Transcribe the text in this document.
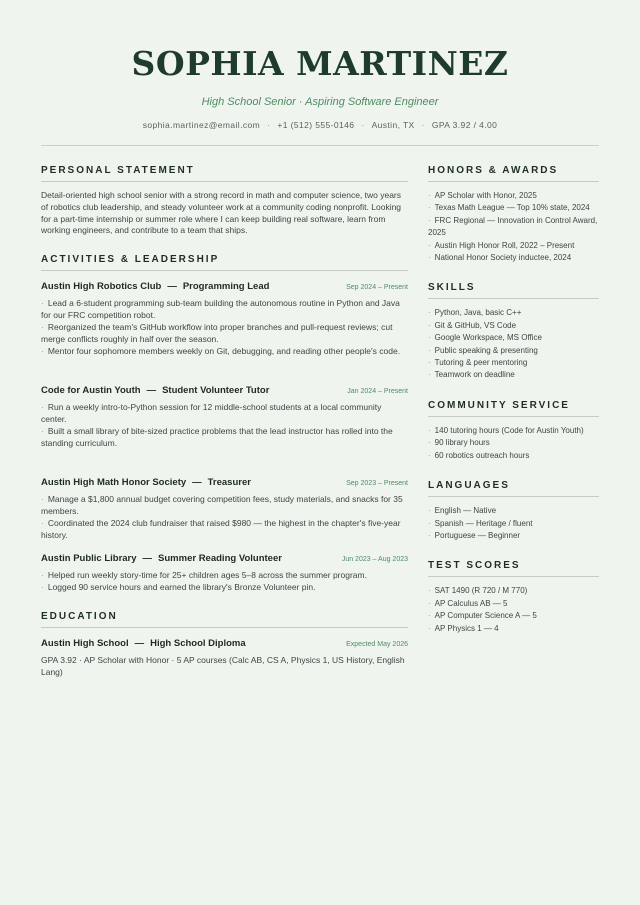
SOPHIA MARTINEZ
High School Senior · Aspiring Software Engineer
sophia.martinez@email.com · +1 (512) 555-0146 · Austin, TX · GPA 3.92 / 4.00
PERSONAL STATEMENT

Detail-oriented high school senior with a strong record in math and computer science, two years of robotics club leadership, and steady volunteer work at a community coding nonprofit. Looking for a part-time internship or summer role where I can keep building real software, learn from working engineers, and contribute to a team that ships.

ACTIVITIES & LEADERSHIP
Austin High Robotics Club — Programming Lead	Sep 2024 – Present
· Lead a 6-student programming sub-team building the autonomous routine in Python and Java for our FRC competition robot.
· Reorganized the team's GitHub workflow into proper branches and pull-request reviews; cut merge conflicts roughly in half over the season.
· Mentor four sophomore members weekly on Git, debugging, and reading other people's code.
Code for Austin Youth — Student Volunteer Tutor	Jan 2024 – Present
· Run a weekly intro-to-Python session for 12 middle-school students at a local community center.
· Built a small library of bite-sized practice problems that the lead instructor has rolled into the standing curriculum.
Austin High Math Honor Society — Treasurer	Sep 2023 – Present
· Manage a $1,800 annual budget covering competition fees, study materials, and snacks for 35 members.
· Coordinated the 2024 club fundraiser that raised $980 — the highest in the chapter's five-year history.
Austin Public Library — Summer Reading Volunteer	Jun 2023 – Aug 2023
· Helped run weekly story-time for 25+ children ages 5–8 across the summer program.
· Logged 90 service hours and earned the library's Bronze Volunteer pin.
EDUCATION
Austin High School — High School Diploma	Expected May 2026

GPA 3.92 · AP Scholar with Honor · 5 AP courses (Calc AB, CS A, Physics 1, US History, English Lang)

HONORS & AWARDS
· AP Scholar with Honor, 2025
· Texas Math League — Top 10% state, 2024
· FRC Regional — Innovation in Control Award, 2025
· Austin High Honor Roll, 2022 – Present
· National Honor Society inductee, 2024
SKILLS
· Python, Java, basic C++
· Git & GitHub, VS Code
· Google Workspace, MS Office
· Public speaking & presenting
· Tutoring & peer mentoring
· Teamwork on deadline
COMMUNITY SERVICE
· 140 tutoring hours (Code for Austin Youth)
· 90 library hours
· 60 robotics outreach hours
LANGUAGES
· English — Native
· Spanish — Heritage / fluent
· Portuguese — Beginner
TEST SCORES
· SAT 1490 (R 720 / M 770)
· AP Calculus AB — 5
· AP Computer Science A — 5
· AP Physics 1 — 4
